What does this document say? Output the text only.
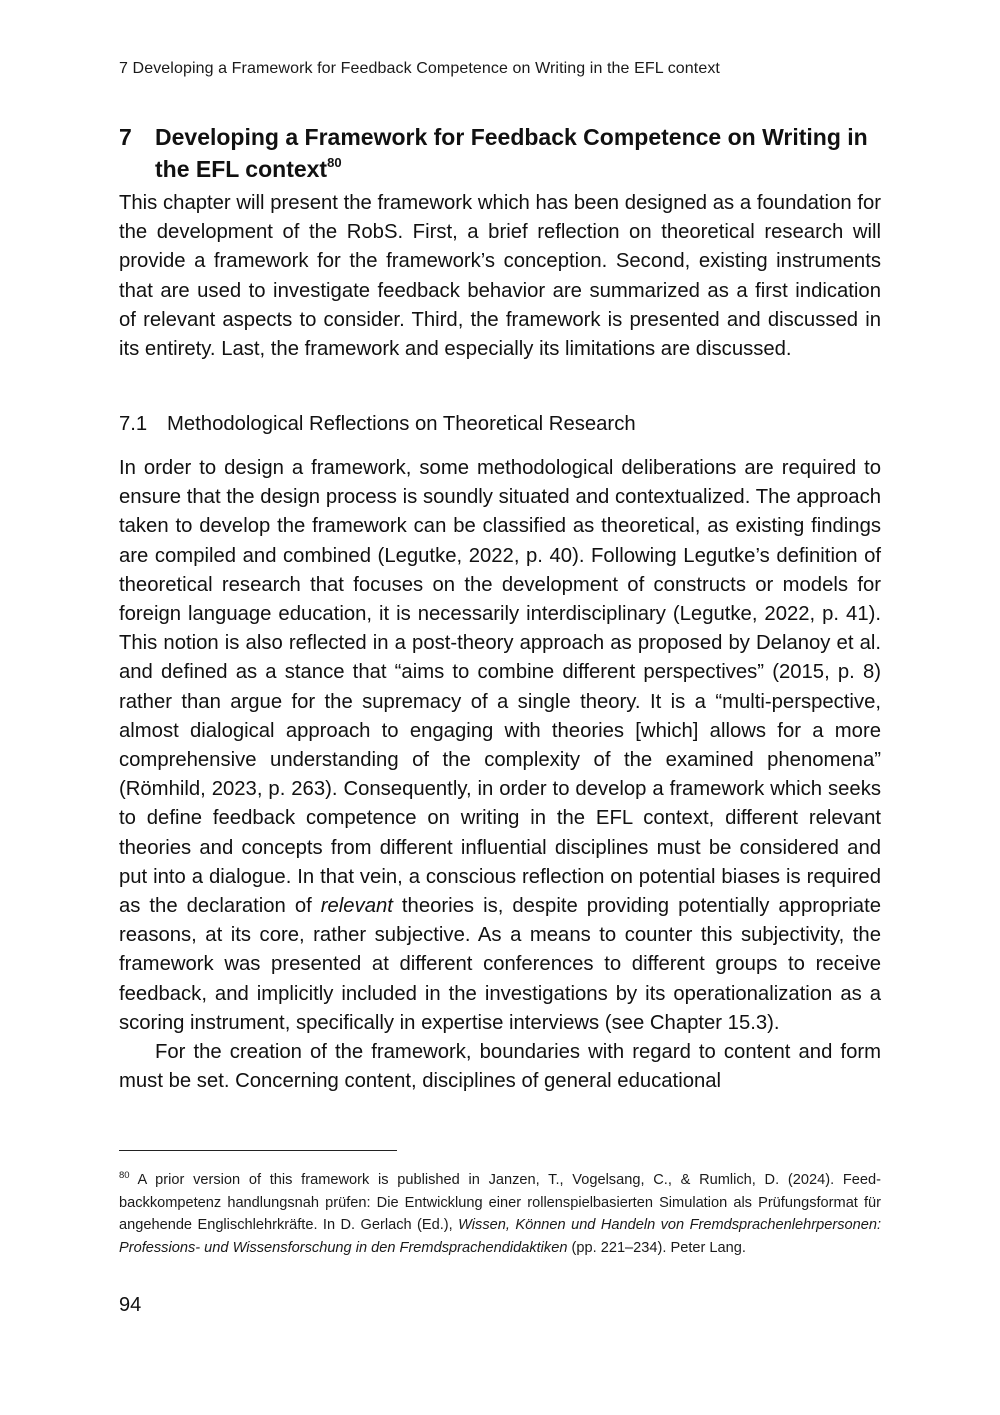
7 Developing a Framework for Feedback Competence on Writing in the EFL context
7 Developing a Framework for Feedback Competence on Writing in the EFL context$^{80}$

This chapter will present the framework which has been designed as a foundation for the development of the RobS. First, a brief reflection on theoretical research will provide a framework for the framework’s conception. Second, existing instruments that are used to investigate feedback behavior are summarized as a first indication of relevant aspects to consider. Third, the framework is presented and discussed in its entirety. Last, the framework and especially its limitations are discussed.

7.1 Methodological Reflections on Theoretical Research

In order to design a framework, some methodological deliberations are required to ensure that the design process is soundly situated and contextualized. The approach taken to develop the framework can be classified as theoretical, as existing findings are compiled and combined (Legutke, 2022, p. 40). Following Legutke’s definition of theoretical research that focuses on the development of constructs or models for foreign language education, it is necessarily interdisciplinary (Legutke, 2022, p. 41). This notion is also reflected in a post-theory approach as proposed by Delanoy et al. and defined as a stance that “aims to combine different perspectives” (2015, p. 8) rather than argue for the supremacy of a single theory. It is a “multi-perspective, almost dialogical approach to engaging with theories [which] allows for a more comprehensive understanding of the complexity of the examined phenomena” (Römhild, 2023, p. 263). Consequently, in order to develop a framework which seeks to define feedback competence on writing in the EFL context, different relevant theories and concepts from different influential disciplines must be considered and put into a dialogue. In that vein, a conscious reflection on potential biases is required as the declaration of relevant theories is, despite providing potentially appropriate reasons, at its core, rather subjective. As a means to counter this subjectivity, the framework was presented at different conferences to different groups to receive feedback, and implicitly included in the investigations by its operationalization as a scoring instrument, specifically in expertise interviews (see Chapter 15.3).

For the creation of the framework, boundaries with regard to content and form must be set. Concerning content, disciplines of general educational

$^{80}$ A prior version of this framework is published in Janzen, T., Vogelsang, C., & Rumlich, D. (2024). Feedbackkompetenz handlungsnah prüfen: Die Entwicklung einer rollenspielbasierten Simulation als Prüfungsformat für angehende Englischlehrkräfte. In D. Gerlach (Ed.), Wissen, Können und Handeln von Fremdsprachenlehrpersonen: Professions- und Wissensforschung in den Fremdsprachendidaktiken (pp. 221–234). Peter Lang.

94
